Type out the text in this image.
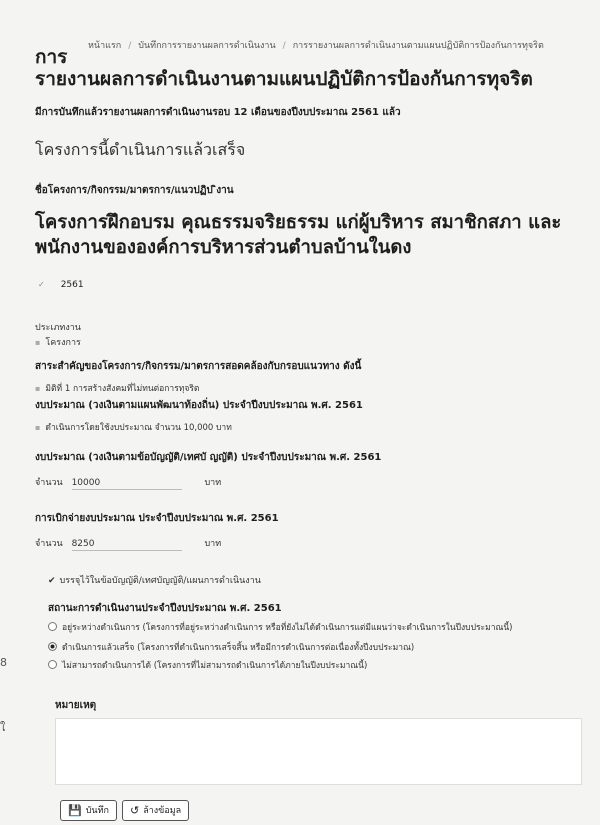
หน้าแรก / บันทึกการรายงานผลการดำเนินงาน / การรายงานผลการดำเนินงานตามแผนปฏิบัติการป้องกันการทุจริต
การ
รายงานผลการดำเนินงานตามแผนปฏิบัติการป้องกันการทุจริต
มีการบันทึกแล้วรายงานผลการดำเนินงานรอบ 12 เดือนของปีงบประมาณ 2561 แล้ว
โครงการนี้ดำเนินการแล้วเสร็จ
ชื่อโครงการ/กิจกรรม/มาตรการ/แนวปฏิบ ิงาน
โครงการฝึกอบรม คุณธรรมจริยธรรม แก่ผู้บริหาร สมาชิกสภา และ
พนักงานขององค์การบริหารส่วนตำบลบ้านในดง
✓ 2561
ประเภทงาน
▪ โครงการ
สาระสำคัญของโครงการ/กิจกรรม/มาตรการสอดคล้องกับกรอบแนวทาง ดังนี้
▪ มิติที่ 1 การสร้างสังคมที่ไม่ทนต่อการทุจริต
งบประมาณ (วงเงินตามแผนพัฒนาท้องถิ่น) ประจำปีงบประมาณ พ.ศ. 2561
▪ ดำเนินการโดยใช้งบประมาณ จำนวน 10,000 บาท
งบประมาณ (วงเงินตามข้อบัญญัติ/เทศบั ญญัติ) ประจำปีงบประมาณ พ.ศ. 2561
จำนวน 10000	บาท
การเบิกจ่ายงบประมาณ ประจำปีงบประมาณ พ.ศ. 2561
จำนวน 8250	บาท
✔ บรรจุไว้ในข้อบัญญัติ/เทศบัญญัติ/แผนการดำเนินงาน
สถานะการดำเนินงานประจำปีงบประมาณ พ.ศ. 2561
อยู่ระหว่างดำเนินการ (โครงการที่อยู่ระหว่างดำเนินการ หรือที่ยังไม่ได้ดำเนินการแต่มีแผนว่าจะดำเนินการในปีงบประมาณนี้)
ดำเนินการแล้วเสร็จ (โครงการที่ดำเนินการเสร็จสิ้น หรือมีการดำเนินการต่อเนื่องทั้งปีงบประมาณ)
ไม่สามารถดำเนินการได้ (โครงการที่ไม่สามารถดำเนินการได้ภายในปีงบประมาณนี้)
หมายเหตุ
💾 บันทึก	↺ ล้างข้อมูล
8
ใ
